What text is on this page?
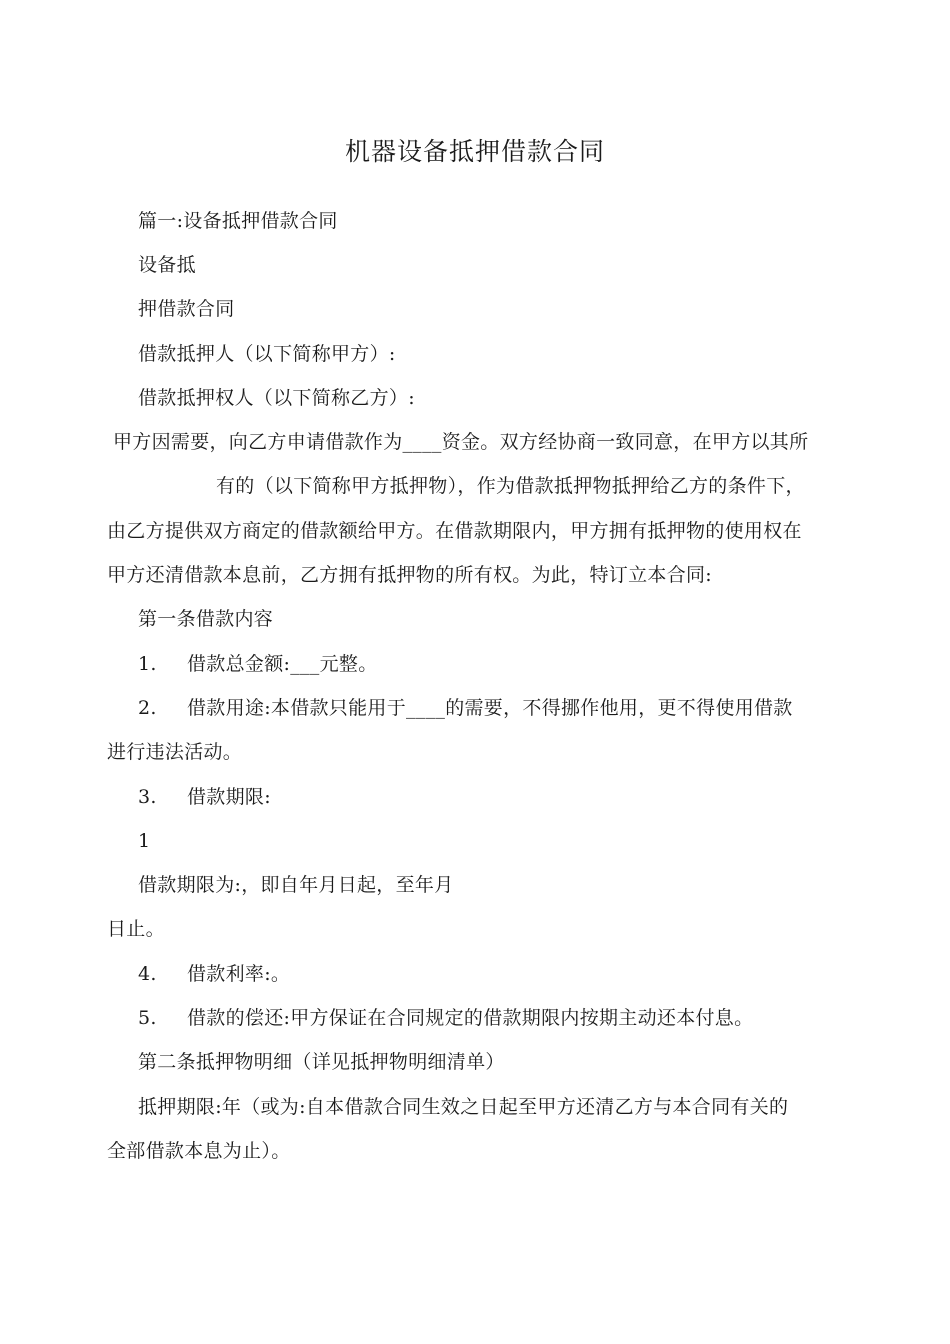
机器设备抵押借款合同
篇一:设备抵押借款合同
设备抵
押借款合同
借款抵押人（以下简称甲方）:
借款抵押权人（以下简称乙方）:
甲方因需要，向乙方申请借款作为____资金。双方经协商一致同意，在甲方以其所
有的（以下简称甲方抵押物），作为借款抵押物抵押给乙方的条件下，
由乙方提供双方商定的借款额给甲方。在借款期限内，甲方拥有抵押物的使用权在
甲方还清借款本息前，乙方拥有抵押物的所有权。为此，特订立本合同:
第一条借款内容
1. 借款总金额:___元整。
2. 借款用途:本借款只能用于____的需要，不得挪作他用，更不得使用借款
进行违法活动。
3. 借款期限:
1
借款期限为:，即自年月日起，至年月
日止。
4. 借款利率:。
5. 借款的偿还:甲方保证在合同规定的借款期限内按期主动还本付息。
第二条抵押物明细（详见抵押物明细清单）
抵押期限:年（或为:自本借款合同生效之日起至甲方还清乙方与本合同有关的
全部借款本息为止）。
